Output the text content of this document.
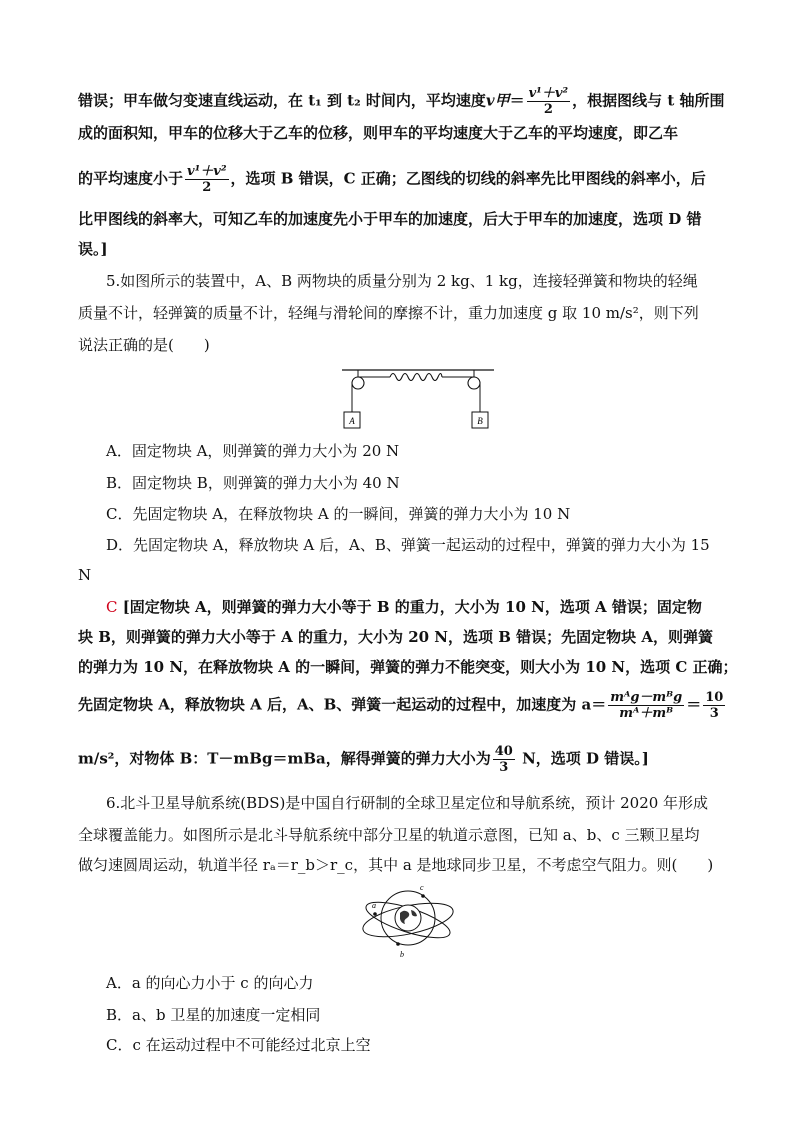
错误；甲车做匀变速直线运动，在 t₁ 到 t₂ 时间内，平均速度v甲＝ $\frac{\text{v¹＋v²}}{2}$ ，根据图线与 t 轴所围
成的面积知，甲车的位移大于乙车的位移，则甲车的平均速度大于乙车的平均速度，即乙车
的平均速度小于 $\frac{\text{v¹＋v²}}{2}$ ，选项 B 错误，C 正确；乙图线的切线的斜率先比甲图线的斜率小，后
比甲图线的斜率大，可知乙车的加速度先小于甲车的加速度，后大于甲车的加速度，选项 D 错
误。]
5.如图所示的装置中，A、B 两物块的质量分别为 2 kg、1 kg，连接轻弹簧和物块的轻绳
质量不计，轻弹簧的质量不计，轻绳与滑轮间的摩擦不计，重力加速度 g 取 10 m/s²，则下列
说法正确的是(　　)
A	B
A．固定物块 A，则弹簧的弹力大小为 20 N
B．固定物块 B，则弹簧的弹力大小为 40 N
C．先固定物块 A，在释放物块 A 的一瞬间，弹簧的弹力大小为 10 N
D．先固定物块 A，释放物块 A 后，A、B、弹簧一起运动的过程中，弹簧的弹力大小为 15
N
C [固定物块 A，则弹簧的弹力大小等于 B 的重力，大小为 10 N，选项 A 错误；固定物
块 B，则弹簧的弹力大小等于 A 的重力，大小为 20 N，选项 B 错误；先固定物块 A，则弹簧
的弹力为 10 N，在释放物块 A 的一瞬间，弹簧的弹力不能突变，则大小为 10 N，选项 C 正确；
先固定物块 A，释放物块 A 后，A、B、弹簧一起运动的过程中，加速度为 $a= \frac{\text{mᴬg－mᴮg}}{\text{mᴬ＋mᴮ}} = \frac{10}{3}$
m/s²，对物体 B：T－mBg＝mBa，解得弹簧的弹力大小为 $\frac{40}{3}$ N，选项 D 错误。]
6.北斗卫星导航系统(BDS)是中国自行研制的全球卫星定位和导航系统，预计 2020 年形成
全球覆盖能力。如图所示是北斗导航系统中部分卫星的轨道示意图，已知 a、b、c 三颗卫星均
做匀速圆周运动，轨道半径 rₐ＝r_b＞r_c，其中 a 是地球同步卫星，不考虑空气阻力。则(　　)
a
b
c
A．a 的向心力小于 c 的向心力
B．a、b 卫星的加速度一定相同
C．c 在运动过程中不可能经过北京上空
